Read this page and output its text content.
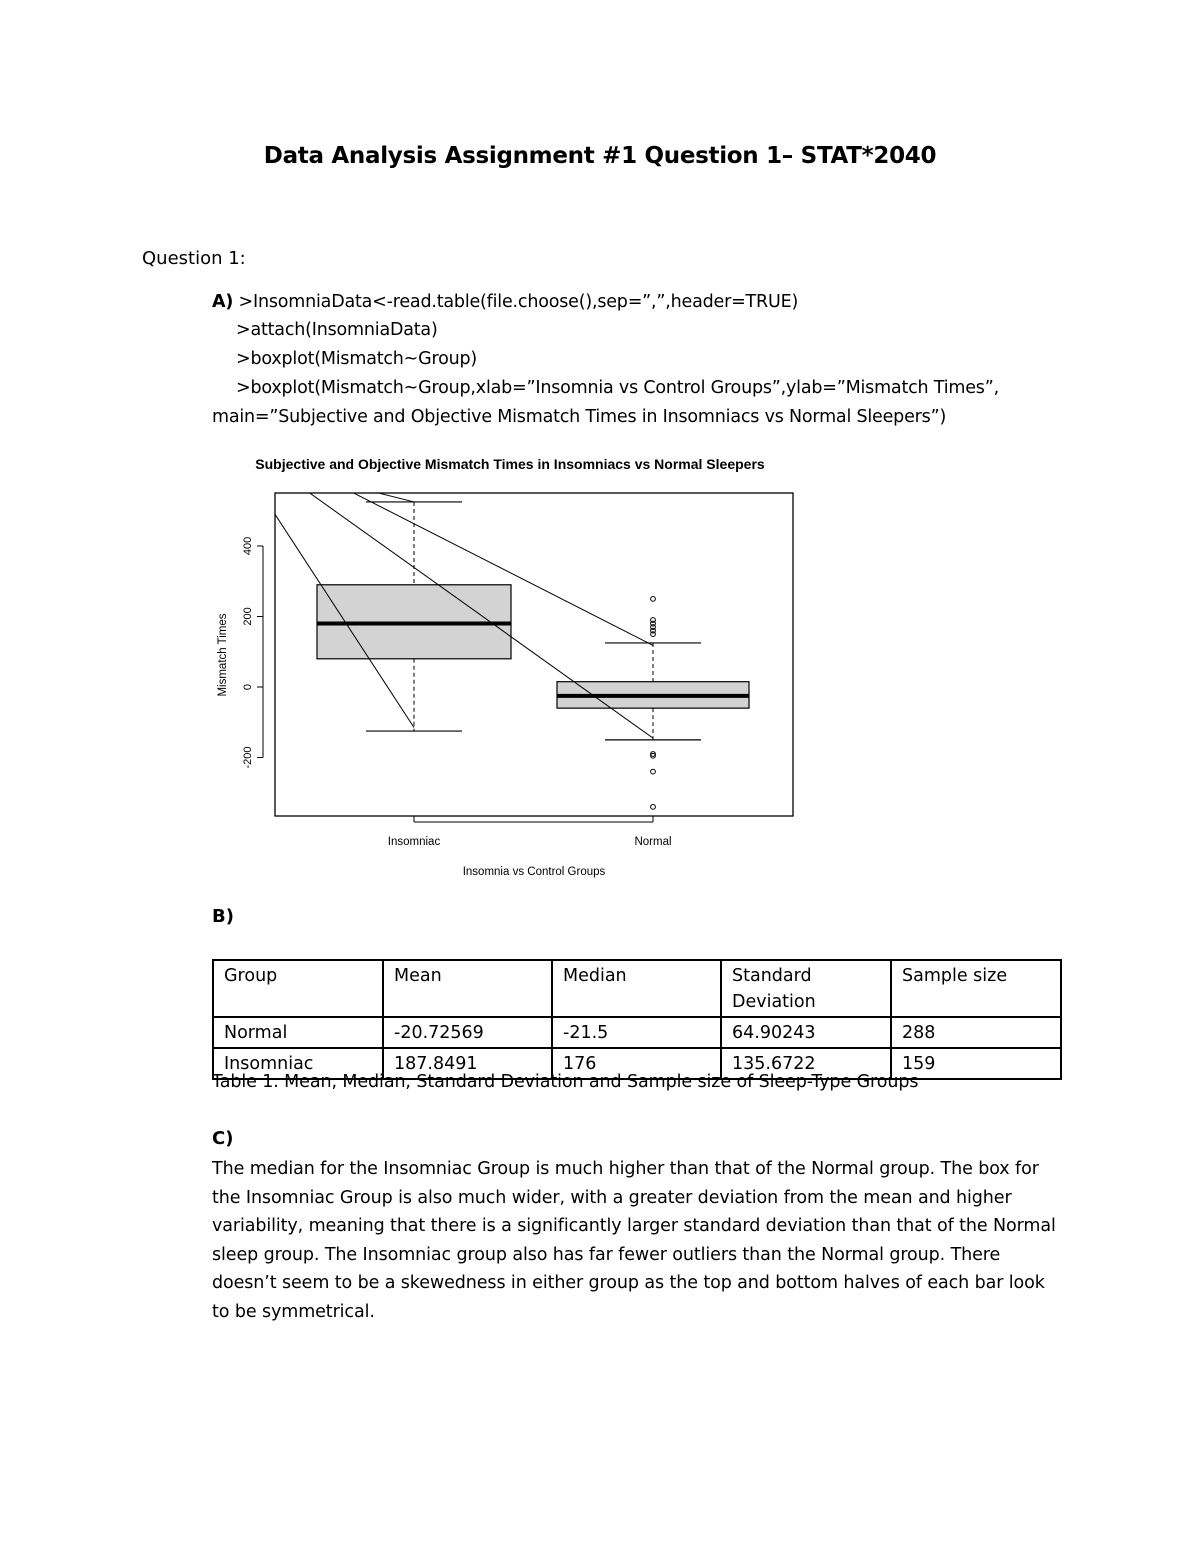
Data Analysis Assignment #1 Question 1– STAT*2040
Question 1:
A) >InsomniaData<-read.table(file.choose(),sep=”,”,header=TRUE)
>attach(InsomniaData)
>boxplot(Mismatch~Group)
>boxplot(Mismatch~Group,xlab=”Insomnia vs Control Groups”,ylab=”Mismatch Times”,
main=”Subjective and Objective Mismatch Times in Insomniacs vs Normal Sleepers”)
Subjective and Objective Mismatch Times in Insomniacs vs Normal Sleepers
-200
0
200
400
Insomniac	Normal
Insomnia vs Control Groups
Mismatch Times
B)
Group	Mean	Median	Standard Deviation	Sample size
Normal	-20.72569	-21.5	64.90243	288
Insomniac	187.8491	176	135.6722	159
Table 1. Mean, Median, Standard Deviation and Sample size of Sleep-Type Groups
C)
The median for the Insomniac Group is much higher than that of the Normal group. The box for the Insomniac Group is also much wider, with a greater deviation from the mean and higher variability, meaning that there is a significantly larger standard deviation than that of the Normal sleep group. The Insomniac group also has far fewer outliers than the Normal group. There doesn’t seem to be a skewedness in either group as the top and bottom halves of each bar look to be symmetrical.
